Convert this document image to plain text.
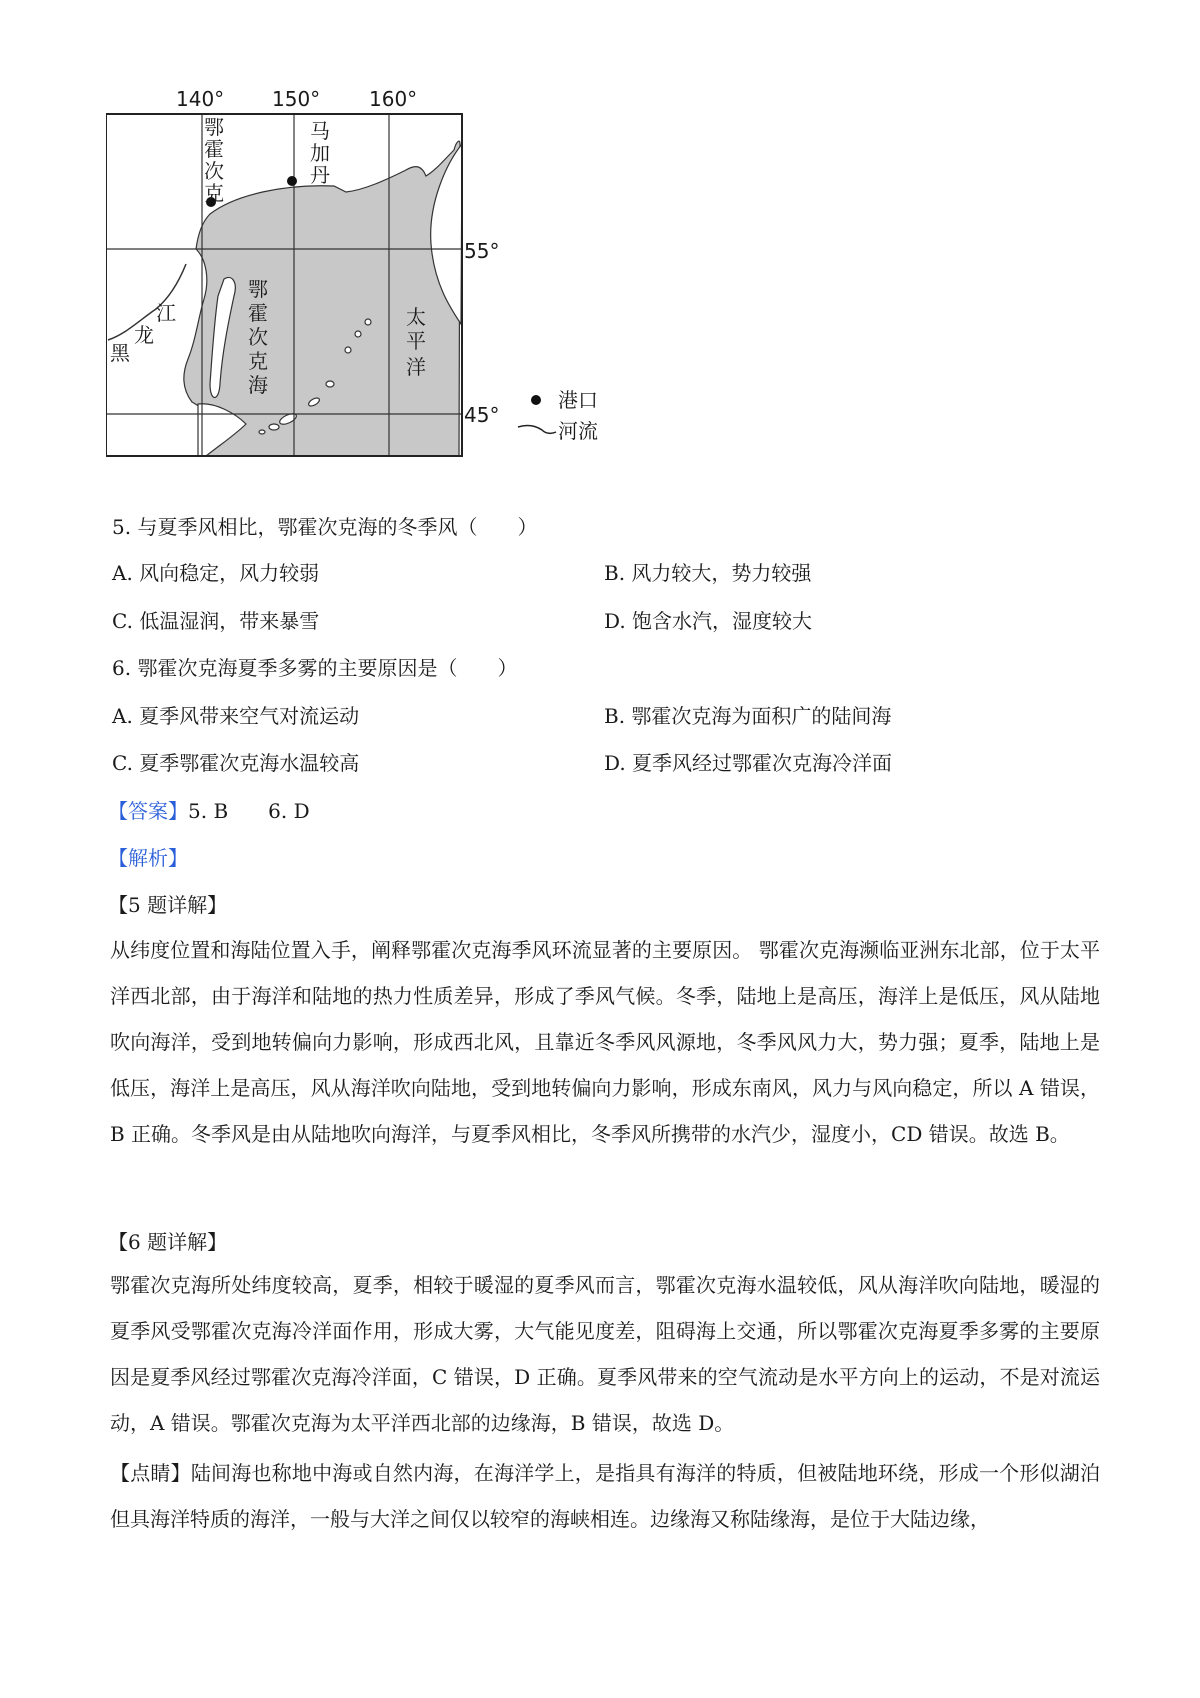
140° 150° 160°
55°
45°
鄂
霍
次
克
马
加
丹
鄂
霍
次
克
海
太
平
洋
黑
龙
江
港口
河流
5. 与夏季风相比，鄂霍次克海的冬季风（　　）
A. 风向稳定，风力较弱	B. 风力较大，势力较强
C. 低温湿润，带来暴雪	D. 饱含水汽，湿度较大
6. 鄂霍次克海夏季多雾的主要原因是（　　）
A. 夏季风带来空气对流运动	B. 鄂霍次克海为面积广的陆间海
C. 夏季鄂霍次克海水温较高	D. 夏季风经过鄂霍次克海冷洋面
【答案】5. B 6. D
【解析】
【5 题详解】
从纬度位置和海陆位置入手，阐释鄂霍次克海季风环流显著的主要原因。 鄂霍次克海濒临亚洲东北部，位于太平洋西北部，由于海洋和陆地的热力性质差异，形成了季风气候。冬季，陆地上是高压，海洋上是低压，风从陆地吹向海洋，受到地转偏向力影响，形成西北风，且靠近冬季风风源地，冬季风风力大，势力强；夏季，陆地上是低压，海洋上是高压，风从海洋吹向陆地，受到地转偏向力影响，形成东南风，风力与风向稳定，所以 A 错误，B 正确。冬季风是由从陆地吹向海洋，与夏季风相比，冬季风所携带的水汽少，湿度小，CD 错误。故选 B。
【6 题详解】
鄂霍次克海所处纬度较高，夏季，相较于暖湿的夏季风而言，鄂霍次克海水温较低，风从海洋吹向陆地，暖湿的夏季风受鄂霍次克海冷洋面作用，形成大雾，大气能见度差，阻碍海上交通，所以鄂霍次克海夏季多雾的主要原因是夏季风经过鄂霍次克海冷洋面，C 错误，D 正确。夏季风带来的空气流动是水平方向上的运动，不是对流运动，A 错误。鄂霍次克海为太平洋西北部的边缘海，B 错误，故选 D。
【点睛】陆间海也称地中海或自然内海，在海洋学上，是指具有海洋的特质，但被陆地环绕，形成一个形似湖泊但具海洋特质的海洋，一般与大洋之间仅以较窄的海峡相连。边缘海又称陆缘海，是位于大陆边缘，
